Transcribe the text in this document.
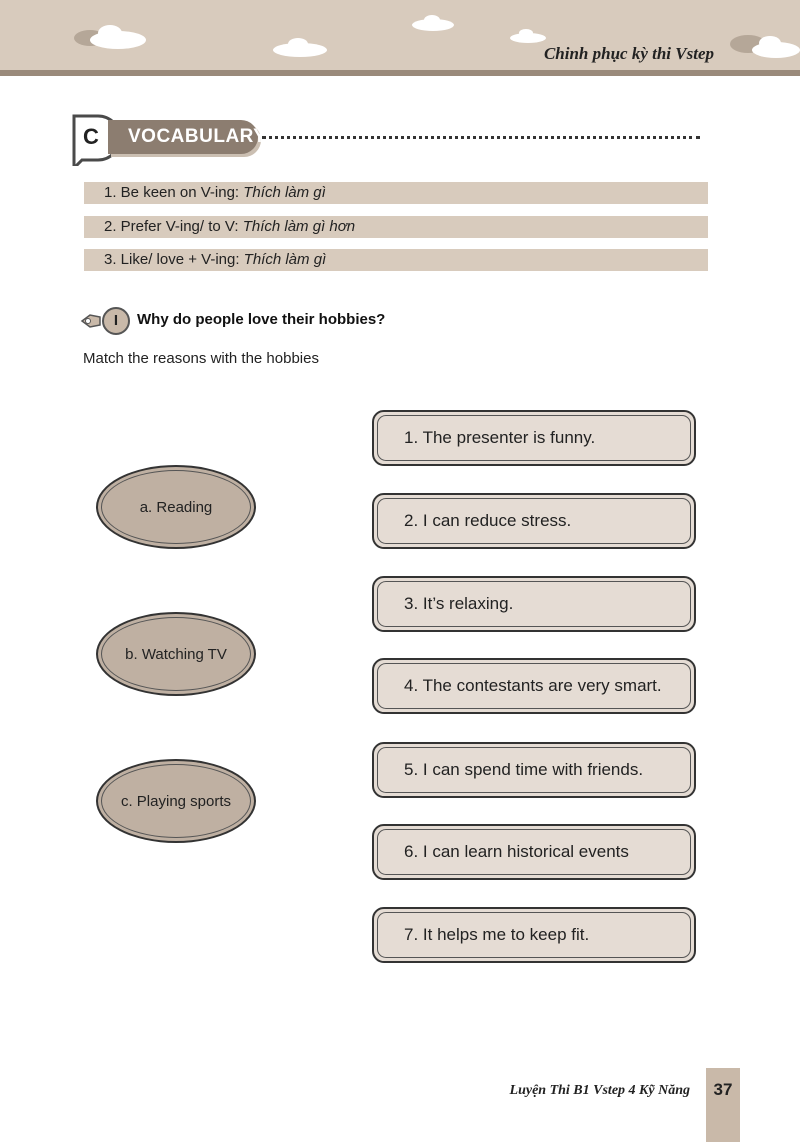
Chinh phục kỳ thi Vstep
C	VOCABULARY
1. Be keen on V-ing: Thích làm gì
2. Prefer V-ing/ to V: Thích làm gì hơn
3. Like/ love + V-ing: Thích làm gì
I	Why do people love their hobbies?
Match the reasons with the hobbies
a. Reading
b. Watching TV
c. Playing sports
1. The presenter is funny.
2. I can reduce stress.
3. It’s relaxing.
4. The contestants are very smart.
5. I can spend time with friends.
6. I can learn historical events
7. It helps me to keep fit.
Luyện Thi B1 Vstep 4 Kỹ Năng	37
